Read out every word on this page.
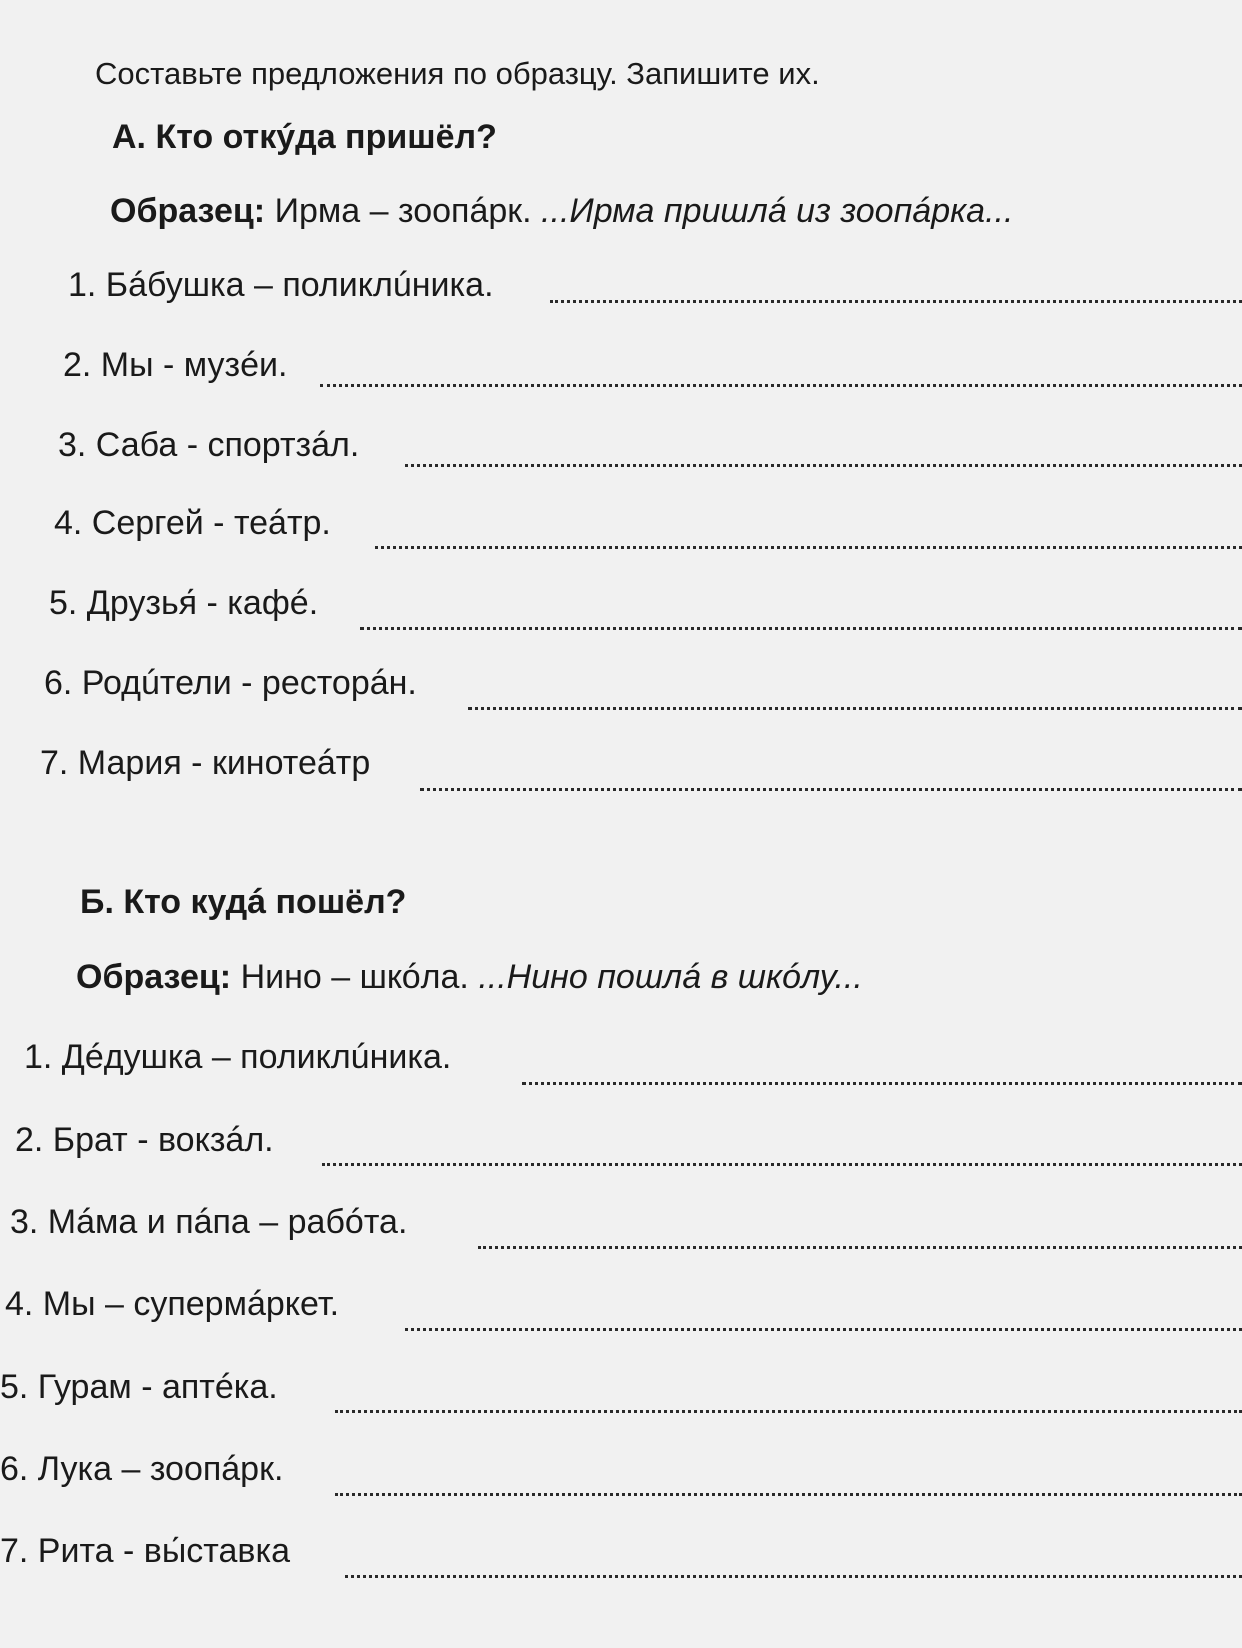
Составьте предложения по образцу. Запишите их.
А. Кто откýда пришёл?
Образец: Ирма – зоопáрк. ...Ирма пришлá из зоопáрка...
1. Бáбушка – поликлúника.
2. Мы - музéи.
3. Саба - спортзáл.
4. Сергей - теáтр.
5. Друзья́ - кафé.
6. Родúтели - ресторáн.
7. Мария - кинотеáтр
Б. Кто кудá пошёл?
Образец: Нино – шкóла. ...Нино пошлá в шкóлу...
1. Дéдушка – поликлúника.
2. Брат - вокзáл.
3. Мáма и пáпа – рабóта.
4. Мы – супермáркет.
5. Гурам - аптéка.
6. Лука – зоопáрк.
7. Рита - вы́ставка
